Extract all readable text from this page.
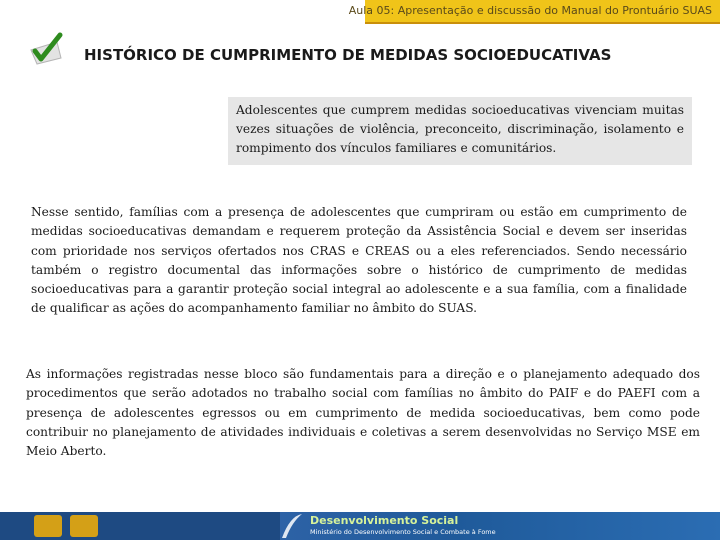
Aula 05: Apresentação e discussão do Manual do Prontuário SUAS
HISTÓRICO DE CUMPRIMENTO DE MEDIDAS SOCIOEDUCATIVAS
Adolescentes que cumprem medidas socioeducativas vivenciam muitas vezes situações de violência, preconceito, discriminação, isolamento e rompimento dos vínculos familiares e comunitários.
Nesse sentido, famílias com a presença de adolescentes que cumpriram ou estão em cumprimento de medidas socioeducativas demandam e requerem proteção da Assistência Social e devem ser inseridas com prioridade nos serviços ofertados nos CRAS e CREAS ou a eles referenciados. Sendo necessário também o registro documental das informações sobre o histórico de cumprimento de medidas socioeducativas para a garantir proteção social integral ao adolescente e a sua família, com a finalidade de qualificar as ações do acompanhamento familiar no âmbito do SUAS.
As informações registradas nesse bloco são fundamentais para a direção e o planejamento adequado dos procedimentos que serão adotados no trabalho social com famílias no âmbito do PAIF e do PAEFI com a presença de adolescentes egressos ou em cumprimento de medida socioeducativas, bem como pode contribuir no planejamento de atividades individuais e coletivas a serem desenvolvidas no Serviço MSE em Meio Aberto.
Desenvolvimento Social
Ministério do Desenvolvimento Social e Combate à Fome
